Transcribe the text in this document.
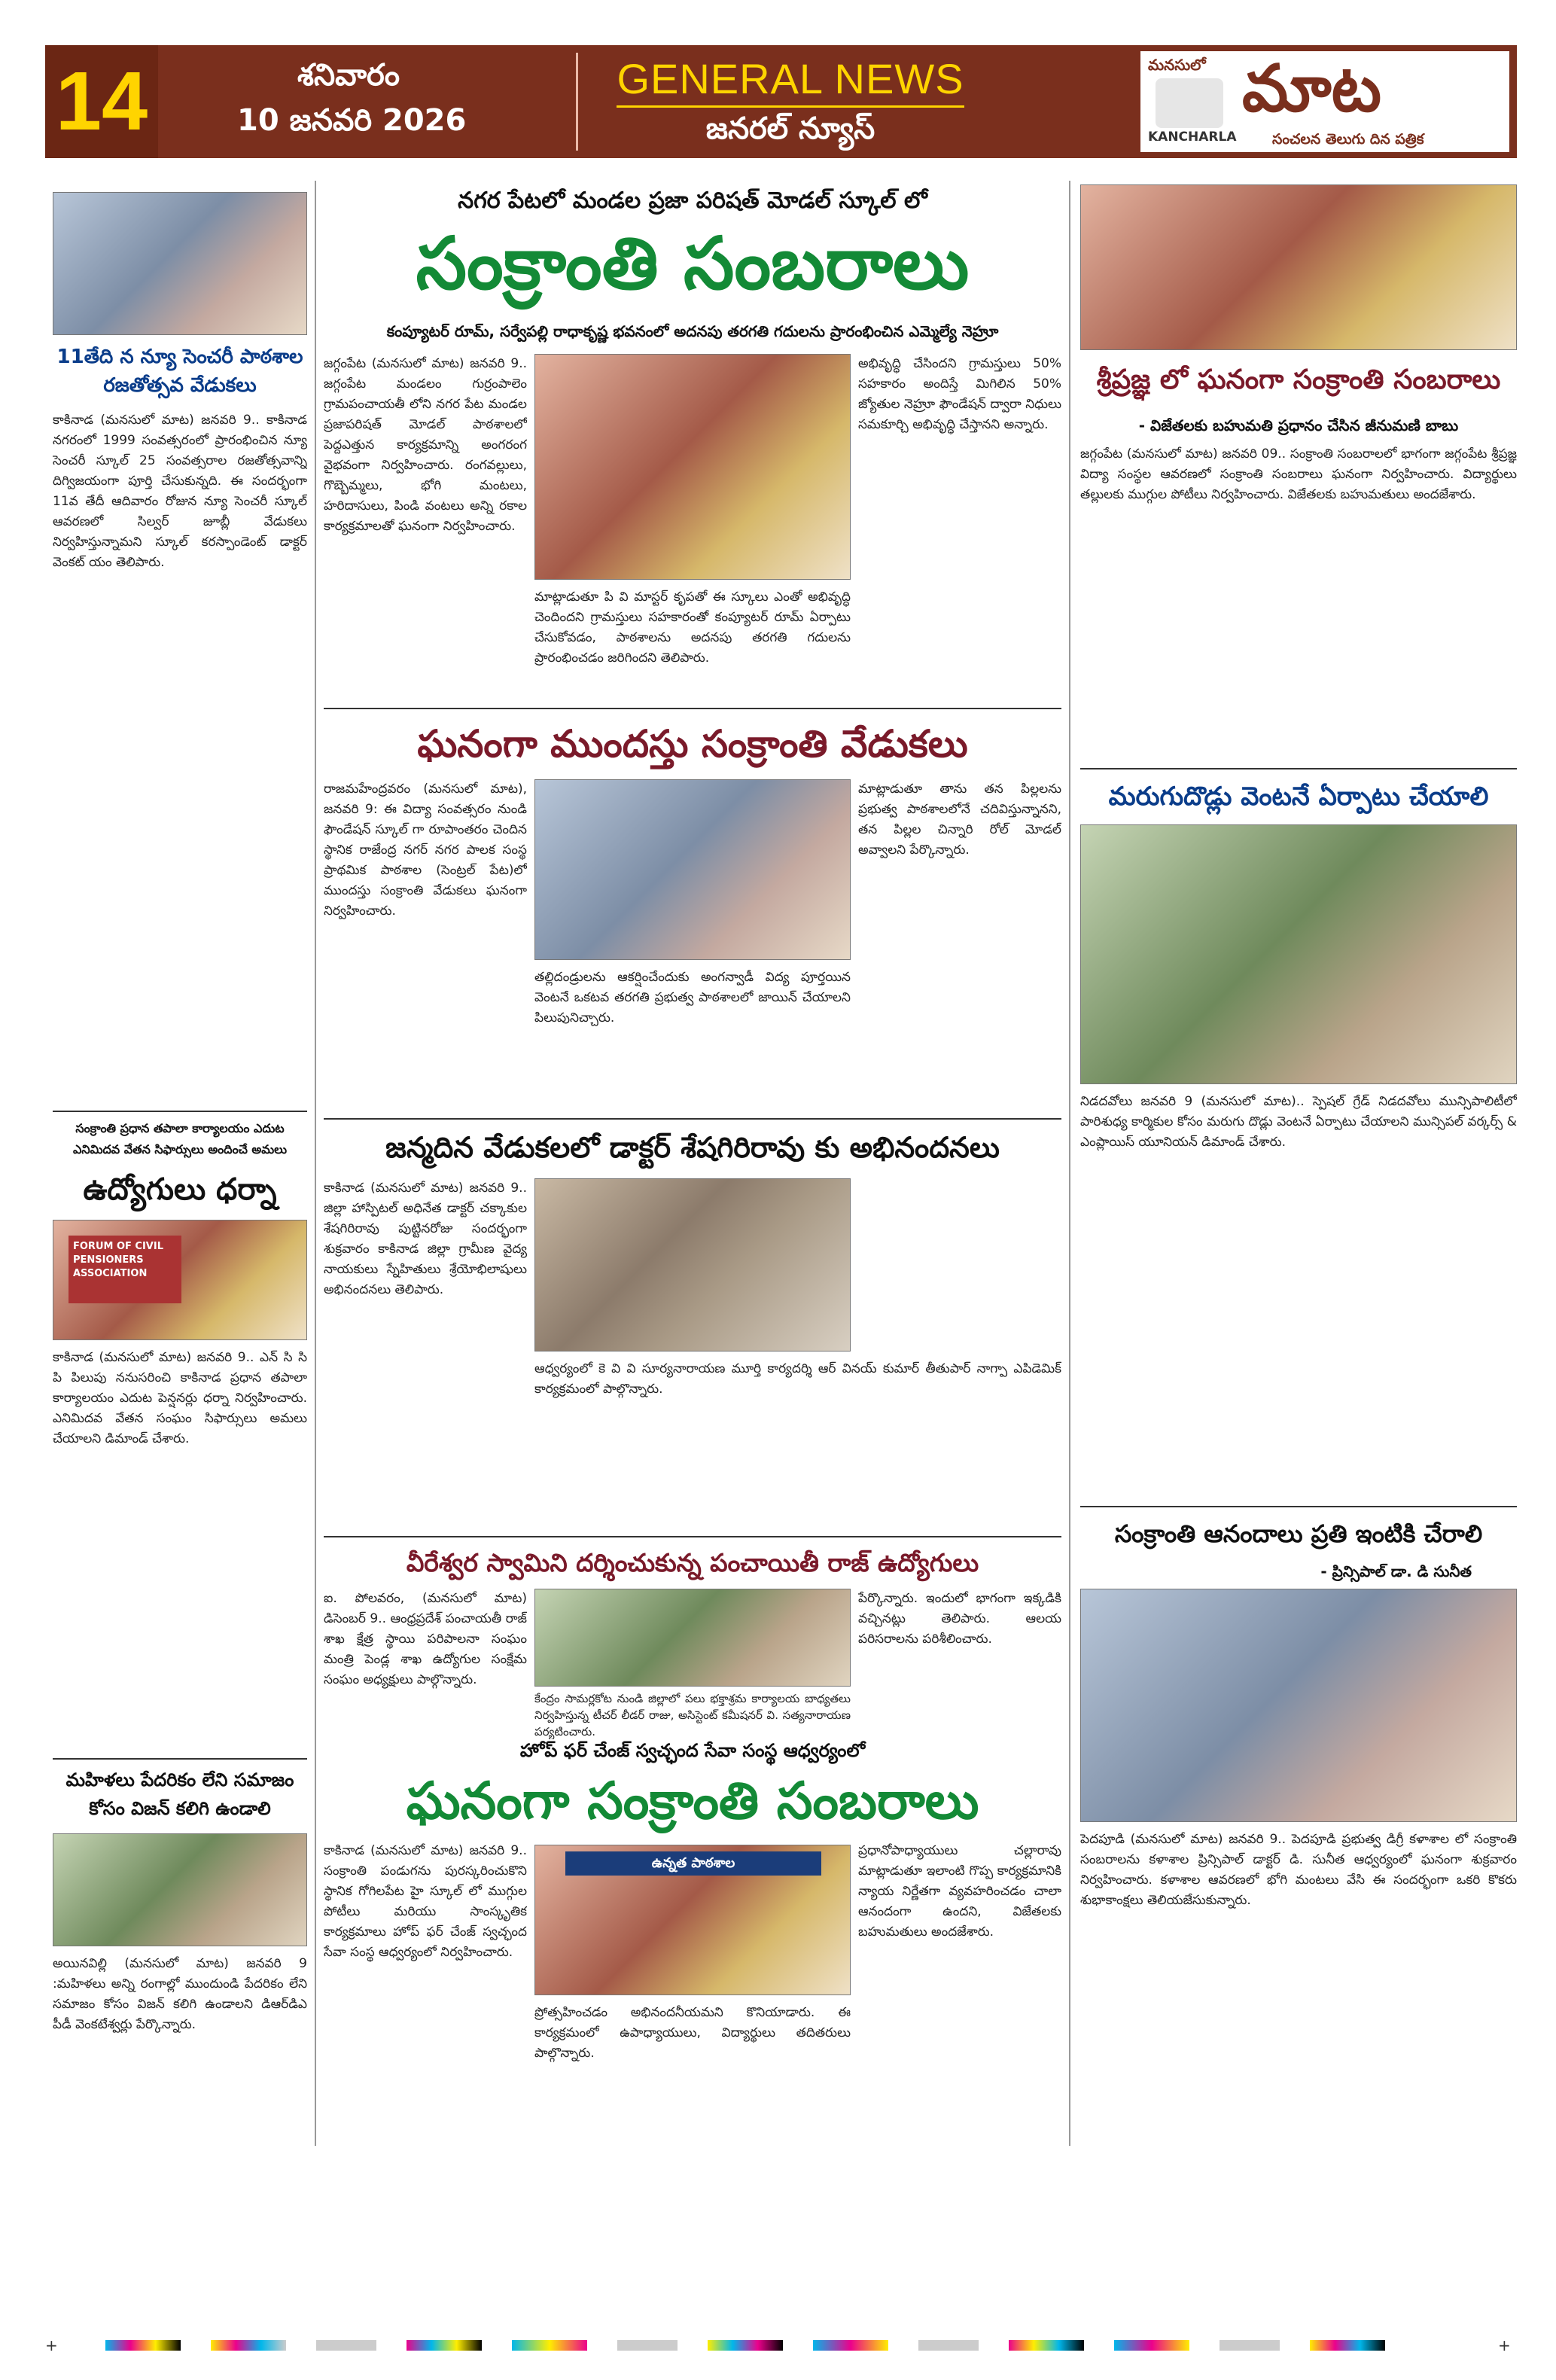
14	శనివారం
10 జనవరి 2026
GENERAL NEWS
జనరల్ న్యూస్
మనసులో మాట
KANCHARLA	సంచలన తెలుగు దిన పత్రిక
11తేది న న్యూ సెంచరీ పాఠశాల రజతోత్సవ వేడుకలు
కాకినాడ (మనసులో మాట) జనవరి 9.. కాకినాడ నగరంలో 1999 సంవత్సరంలో ప్రారంభించిన న్యూ సెంచరీ స్కూల్ 25 సంవత్సరాల రజతోత్సవాన్ని దిగ్విజయంగా పూర్తి చేసుకున్నది. ఈ సందర్భంగా 11వ తేదీ ఆదివారం రోజున న్యూ సెంచరీ స్కూల్ ఆవరణలో సిల్వర్ జూబ్లీ వేడుకలు నిర్వహిస్తున్నామని స్కూల్ కరస్పాండెంట్ డాక్టర్ వెంకట్ యం తెలిపారు.
సంక్రాంతి ప్రధాన తపాలా కార్యాలయం ఎదుట ఎనిమిదవ వేతన సిఫార్సులు అందించే అమలు
ఉద్యోగులు ధర్నా
FORUM OF CIVIL PENSIONERS ASSOCIATION
కాకినాడ (మనసులో మాట) జనవరి 9.. ఎన్ సి సి పి పిలుపు ననుసరించి కాకినాడ ప్రధాన తపాలా కార్యాలయం ఎదుట పెన్షనర్లు ధర్నా నిర్వహించారు. ఎనిమిదవ వేతన సంఘం సిఫార్సులు అమలు చేయాలని డిమాండ్ చేశారు.
మహిళలు పేదరికం లేని సమాజం కోసం విజన్ కలిగి ఉండాలి
అయినవిల్లి (మనసులో మాట) జనవరి 9 :మహిళలు అన్ని రంగాల్లో ముందుండి పేదరికం లేని సమాజం కోసం విజన్ కలిగి ఉండాలని డిఆర్‌డిఎ పీడీ వెంకటేశ్వర్లు పేర్కొన్నారు.
నగర పేటలో మండల ప్రజా పరిషత్ మోడల్ స్కూల్ లో
సంక్రాంతి సంబరాలు
కంప్యూటర్ రూమ్, సర్వేపల్లి రాధాకృష్ణ భవనంలో అదనపు తరగతి గదులను ప్రారంభించిన ఎమ్మెల్యే నెహ్రూ
జగ్గంపేట (మనసులో మాట) జనవరి 9.. జగ్గంపేట మండలం గుర్రంపాలెం గ్రామపంచాయతీ లోని నగర పేట మండల ప్రజాపరిషత్ మోడల్ పాఠశాలలో పెద్దఎత్తున కార్యక్రమాన్ని అంగరంగ వైభవంగా నిర్వహించారు. రంగవల్లులు, గొబ్బెమ్మలు, భోగి మంటలు, హరిదాసులు, పిండి వంటలు అన్ని రకాల కార్యక్రమాలతో ఘనంగా నిర్వహించారు.
అభివృద్ధి చేసిందని గ్రామస్తులు 50% సహకారం అందిస్తే మిగిలిన 50% జ్యోతుల నెహ్రూ ఫౌండేషన్ ద్వారా నిధులు సమకూర్చి అభివృద్ధి చేస్తానని అన్నారు.
మాట్లాడుతూ పి వి మాస్టర్ కృపతో ఈ స్కూలు ఎంతో అభివృద్ధి చెందిందని గ్రామస్తులు సహకారంతో కంప్యూటర్ రూమ్ ఏర్పాటు చేసుకోవడం, పాఠశాలను అదనపు తరగతి గదులను ప్రారంభించడం జరిగిందని తెలిపారు.
ఘనంగా ముందస్తు సంక్రాంతి వేడుకలు
రాజమహేంద్రవరం (మనసులో మాట), జనవరి 9: ఈ విద్యా సంవత్సరం నుండి ఫౌండేషన్ స్కూల్ గా రూపాంతరం చెందిన స్థానిక రాజేంద్ర నగర్ నగర పాలక సంస్థ ప్రాథమిక పాఠశాల (సెంట్రల్ పేట)లో ముందస్తు సంక్రాంతి వేడుకలు ఘనంగా నిర్వహించారు.
తల్లిదండ్రులను ఆకర్షించేందుకు అంగన్వాడీ విద్య పూర్తయిన వెంటనే ఒకటవ తరగతి ప్రభుత్వ పాఠశాలలో జాయిన్ చేయాలని పిలుపునిచ్చారు.
మాట్లాడుతూ తాను తన పిల్లలను ప్రభుత్వ పాఠశాలలోనే చదివిస్తున్నానని, తన పిల్లల చిన్నారి రోల్ మోడల్ అవ్వాలని పేర్కొన్నారు.
జన్మదిన వేడుకలలో డాక్టర్ శేషగిరిరావు కు అభినందనలు
కాకినాడ (మనసులో మాట) జనవరి 9.. జిల్లా హాస్పిటల్ అధినేత డాక్టర్ చక్కాకుల శేషగిరిరావు పుట్టినరోజు సందర్భంగా శుక్రవారం కాకినాడ జిల్లా గ్రామీణ వైద్య నాయకులు స్నేహితులు శ్రేయోభిలాషులు అభినందనలు తెలిపారు.
ఆధ్వర్యంలో కె వి వి సూర్యనారాయణ మూర్తి కార్యదర్శి ఆర్ వినయ్ కుమార్ తీతుపార్ నాగ్పా ఎపిడెమిక్ కార్యక్రమంలో పాల్గొన్నారు.
వీరేశ్వర స్వామిని దర్శించుకున్న పంచాయితీ రాజ్ ఉద్యోగులు
ఐ. పోలవరం, (మనసులో మాట) డిసెంబర్ 9.. ఆంధ్రప్రదేశ్ పంచాయతీ రాజ్ శాఖ క్షేత్ర స్థాయి పరిపాలనా సంఘం మంత్రి పెండ్ల శాఖ ఉద్యోగుల సంక్షేమ సంఘం అధ్యక్షులు పాల్గొన్నారు.
కేంద్రం సామర్లకోట నుండి జిల్లాలో పలు భక్తాశ్రమ కార్యాలయ బాధ్యతలు నిర్వహిస్తున్న టీచర్ లీడర్ రాజు, అసిస్టెంట్ కమీషనర్ వి. సత్యనారాయణ పర్యటించారు.
పేర్కొన్నారు. ఇందులో భాగంగా ఇక్కడికి వచ్చినట్లు తెలిపారు. ఆలయ పరిసరాలను పరిశీలించారు.
హోప్ ఫర్ చేంజ్ స్వచ్ఛంద సేవా సంస్థ ఆధ్వర్యంలో
ఘనంగా సంక్రాంతి సంబరాలు
కాకినాడ (మనసులో మాట) జనవరి 9.. సంక్రాంతి పండుగను పురస్కరించుకొని స్థానిక గోగిలపేట హై స్కూల్ లో ముగ్గుల పోటీలు మరియు సాంస్కృతిక కార్యక్రమాలు హోప్ ఫర్ చేంజ్ స్వచ్ఛంద సేవా సంస్థ ఆధ్వర్యంలో నిర్వహించారు.
ఉన్నత పాఠశాల
ప్రధానోపాధ్యాయులు చల్లారావు మాట్లాడుతూ ఇలాంటి గొప్ప కార్యక్రమానికి న్యాయ నిర్ణేతగా వ్యవహరించడం చాలా ఆనందంగా ఉందని, విజేతలకు బహుమతులు అందజేశారు.
ప్రోత్సహించడం అభినందనీయమని కొనియాడారు. ఈ కార్యక్రమంలో ఉపాధ్యాయులు, విద్యార్థులు తదితరులు పాల్గొన్నారు.
శ్రీప్రజ్ఞ లో ఘనంగా సంక్రాంతి సంబరాలు
- విజేతలకు బహుమతి ప్రధానం చేసిన జీనుమణి బాబు
జగ్గంపేట (మనసులో మాట) జనవరి 09.. సంక్రాంతి సంబరాలలో భాగంగా జగ్గంపేట శ్రీప్రజ్ఞ విద్యా సంస్థల ఆవరణలో సంక్రాంతి సంబరాలు ఘనంగా నిర్వహించారు. విద్యార్థులు తల్లులకు ముగ్గుల పోటీలు నిర్వహించారు. విజేతలకు బహుమతులు అందజేశారు.
మరుగుదొడ్లు వెంటనే ఏర్పాటు చేయాలి
నిడదవోలు జనవరి 9 (మనసులో మాట).. స్పెషల్ గ్రేడ్ నిడదవోలు మున్సిపాలిటీలో పారిశుధ్య కార్మికుల కోసం మరుగు దొడ్లు వెంటనే ఏర్పాటు చేయాలని మున్సిపల్ వర్కర్స్ & ఎంప్లాయిస్ యూనియన్ డిమాండ్ చేశారు.
సంక్రాంతి ఆనందాలు ప్రతి ఇంటికి చేరాలి
- ప్రిన్సిపాల్ డా. డి సునీత
పెదపూడి (మనసులో మాట) జనవరి 9.. పెదపూడి ప్రభుత్వ డిగ్రీ కళాశాల లో సంక్రాంతి సంబరాలను కళాశాల ప్రిన్సిపాల్ డాక్టర్ డి. సునీత ఆధ్వర్యంలో ఘనంగా శుక్రవారం నిర్వహించారు. కళాశాల ఆవరణలో భోగి మంటలు వేసి ఈ సందర్భంగా ఒకరి కొకరు శుభాకాంక్షలు తెలియజేసుకున్నారు.
+	+
